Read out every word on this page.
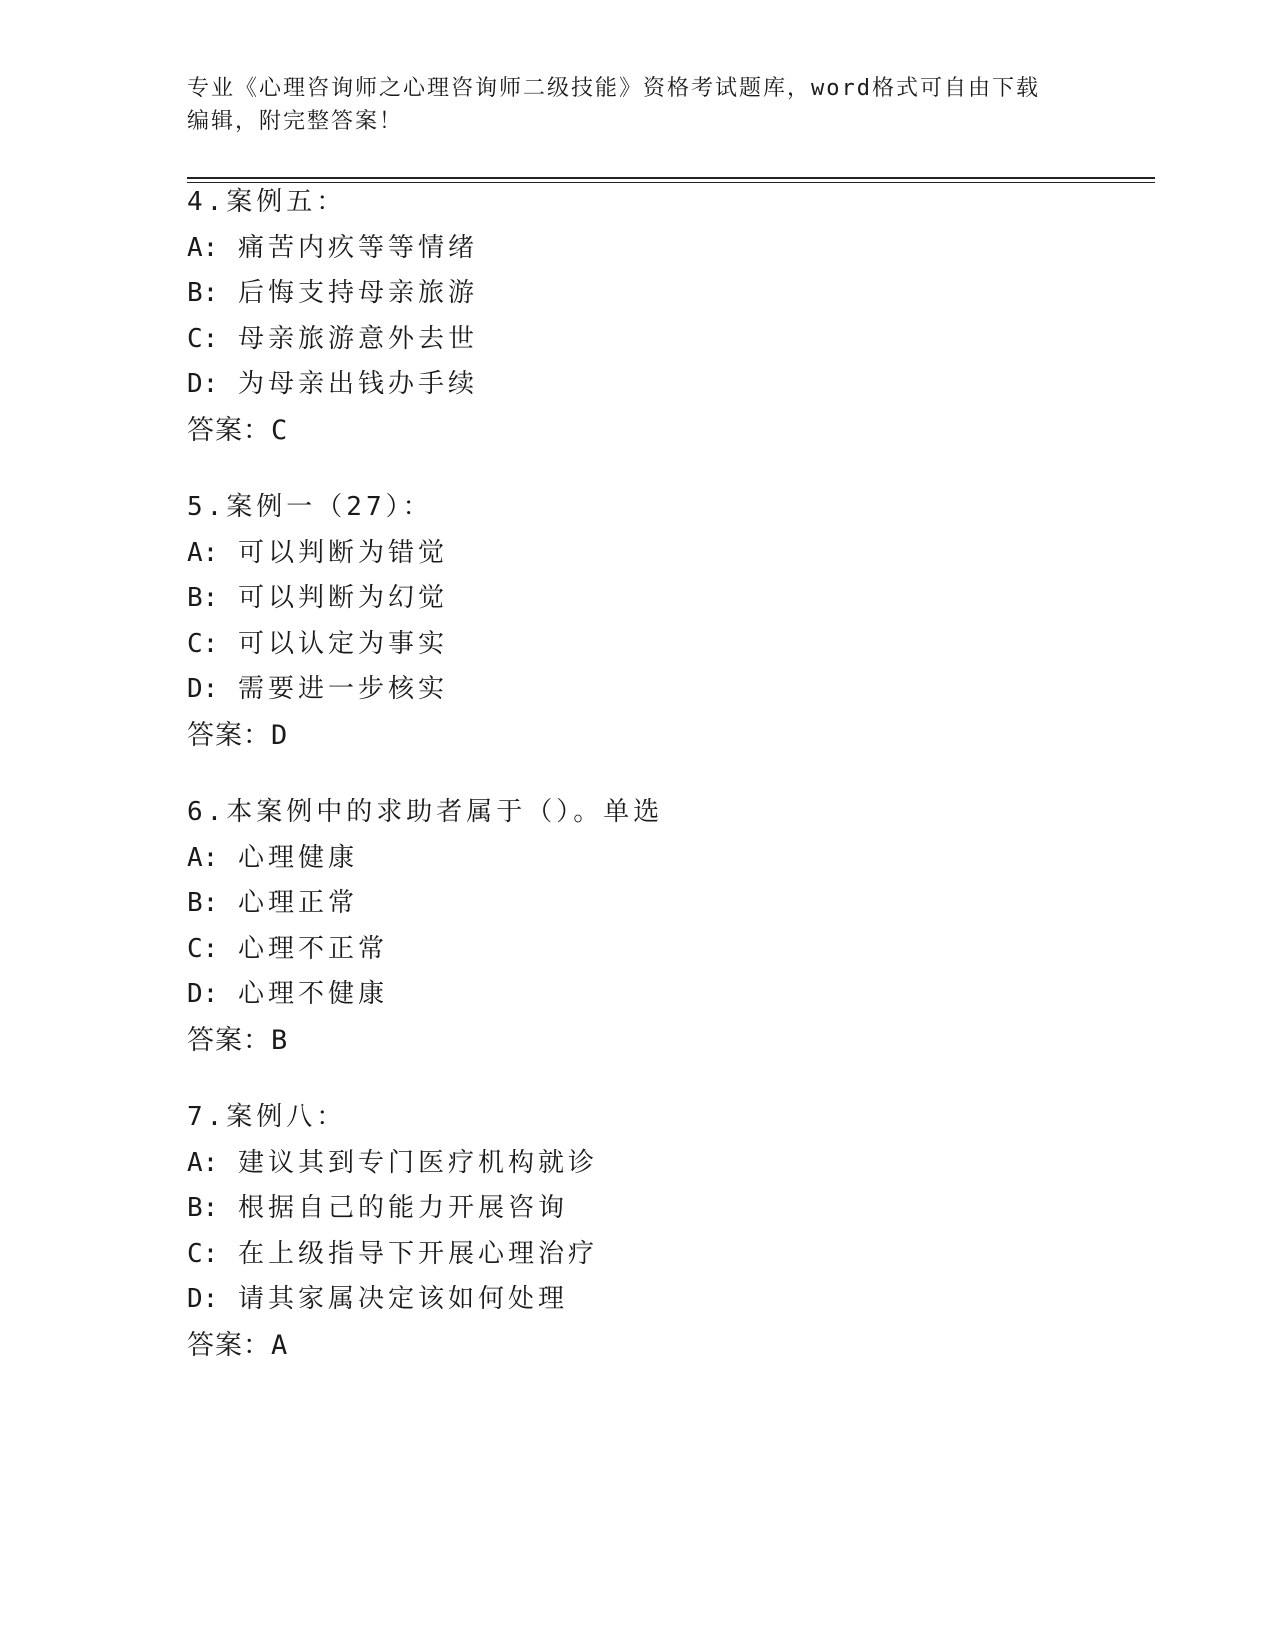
专业《心理咨询师之心理咨询师二级技能》资格考试题库，word格式可自由下载
编辑，附完整答案！
4.案例五：
A: 痛苦内疚等等情绪
B: 后悔支持母亲旅游
C: 母亲旅游意外去世
D: 为母亲出钱办手续
答案：C
5.案例一（27）：
A: 可以判断为错觉
B: 可以判断为幻觉
C: 可以认定为事实
D: 需要进一步核实
答案：D
6.本案例中的求助者属于（）。单选
A: 心理健康
B: 心理正常
C: 心理不正常
D: 心理不健康
答案：B
7.案例八：
A: 建议其到专门医疗机构就诊
B: 根据自己的能力开展咨询
C: 在上级指导下开展心理治疗
D: 请其家属决定该如何处理
答案：A
